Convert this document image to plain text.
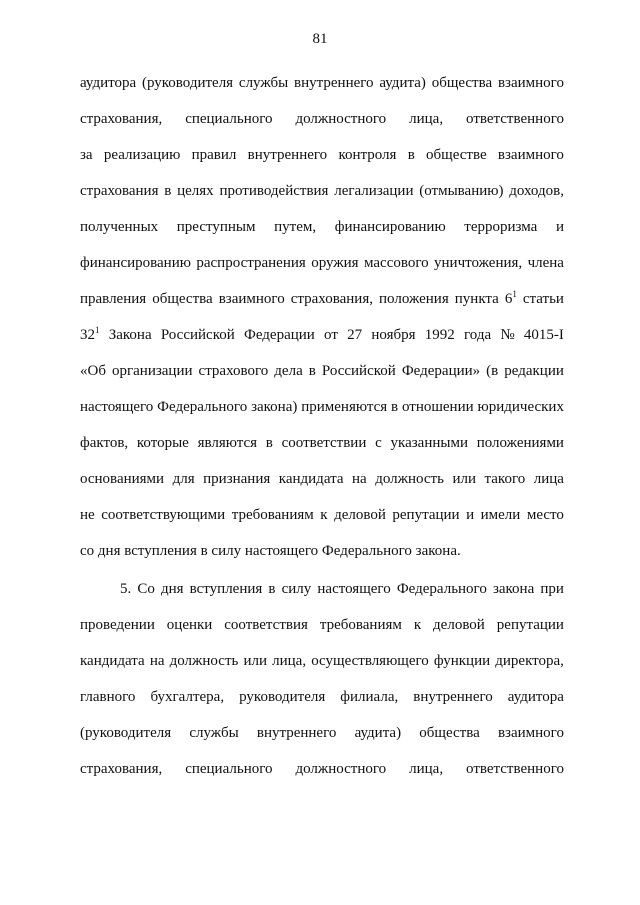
81
аудитора (руководителя службы внутреннего аудита) общества взаимного
страхования, специального должностного лица, ответственного
за реализацию правил внутреннего контроля в обществе взаимного
страхования в целях противодействия легализации (отмыванию) доходов,
полученных преступным путем, финансированию терроризма и
финансированию распространения оружия массового уничтожения, члена
правления общества взаимного страхования, положения пункта $6^1$ статьи
$32^1$ Закона Российской Федерации от 27 ноября 1992 года № 4015-I
«Об организации страхового дела в Российской Федерации» (в редакции
настоящего Федерального закона) применяются в отношении юридических
фактов, которые являются в соответствии с указанными положениями
основаниями для признания кандидата на должность или такого лица
не соответствующими требованиям к деловой репутации и имели место
со дня вступления в силу настоящего Федерального закона.
5. Со дня вступления в силу настоящего Федерального закона при
проведении оценки соответствия требованиям к деловой репутации
кандидата на должность или лица, осуществляющего функции директора,
главного бухгалтера, руководителя филиала, внутреннего аудитора
(руководителя службы внутреннего аудита) общества взаимного
страхования, специального должностного лица, ответственного
